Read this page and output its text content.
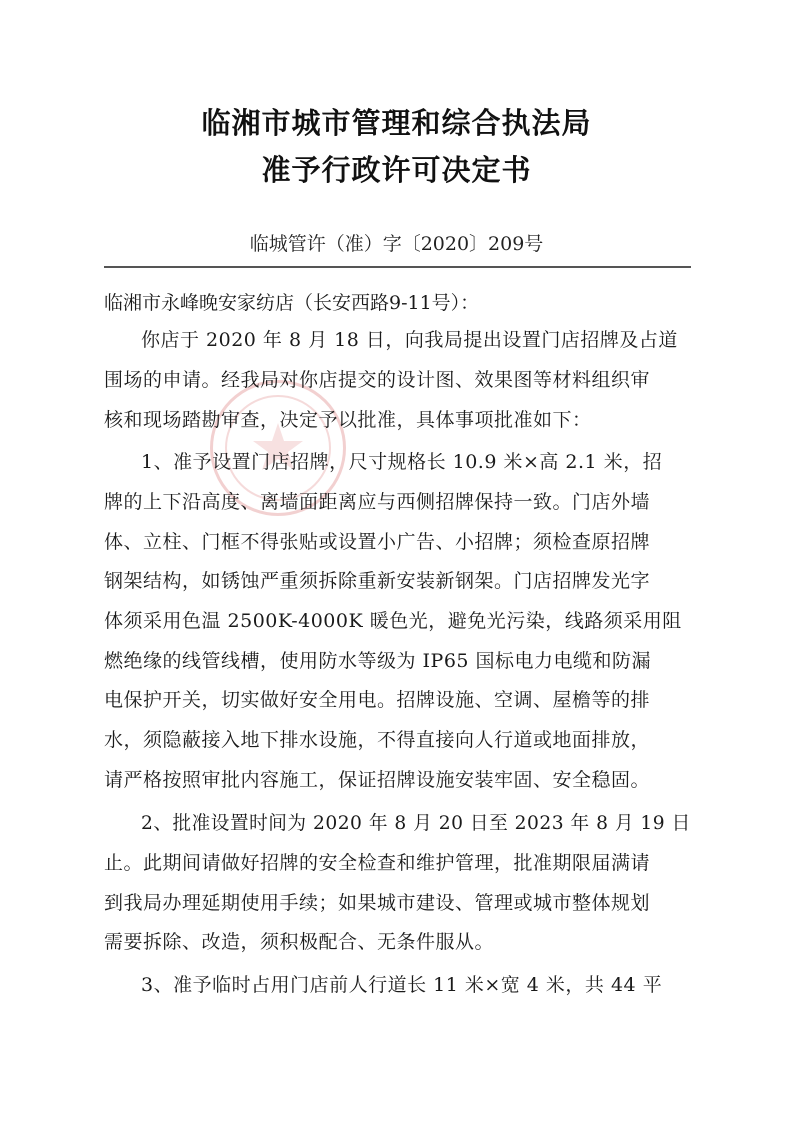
临湘市城市管理和综合执法局
准予行政许可决定书
临城管许（准）字〔2020〕209号
临湘市永峰晚安家纺店（长安西路9-11号）：
你店于 2020 年 8 月 18 日，向我局提出设置门店招牌及占道
围场的申请。经我局对你店提交的设计图、效果图等材料组织审
核和现场踏勘审查，决定予以批准，具体事项批准如下：
1、准予设置门店招牌，尺寸规格长 10.9 米×高 2.1 米，招
牌的上下沿高度、离墙面距离应与西侧招牌保持一致。门店外墙
体、立柱、门框不得张贴或设置小广告、小招牌；须检查原招牌
钢架结构，如锈蚀严重须拆除重新安装新钢架。门店招牌发光字
体须采用色温 2500K-4000K 暖色光，避免光污染，线路须采用阻
燃绝缘的线管线槽，使用防水等级为 IP65 国标电力电缆和防漏
电保护开关，切实做好安全用电。招牌设施、空调、屋檐等的排
水，须隐蔽接入地下排水设施，不得直接向人行道或地面排放，
请严格按照审批内容施工，保证招牌设施安装牢固、安全稳固。
2、批准设置时间为 2020 年 8 月 20 日至 2023 年 8 月 19 日
止。此期间请做好招牌的安全检查和维护管理，批准期限届满请
到我局办理延期使用手续；如果城市建设、管理或城市整体规划
需要拆除、改造，须积极配合、无条件服从。
3、准予临时占用门店前人行道长 11 米×宽 4 米，共 44 平
